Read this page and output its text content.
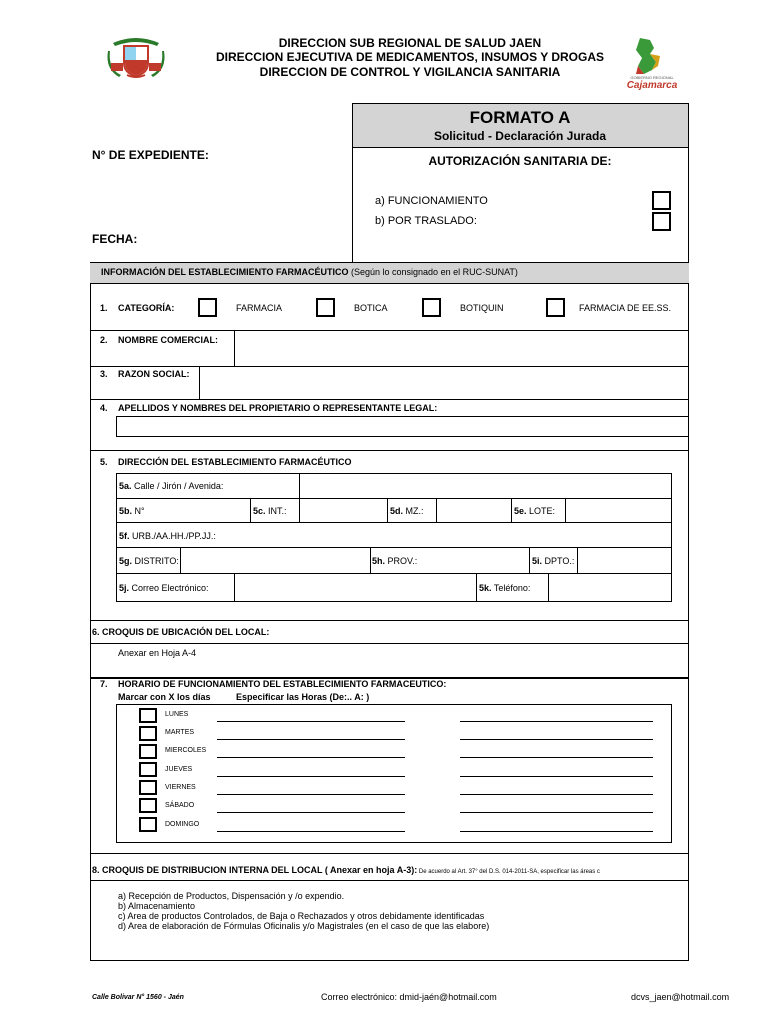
DIRECCION SUB REGIONAL DE SALUD JAEN
DIRECCION EJECUTIVA DE MEDICAMENTOS, INSUMOS Y DROGAS
DIRECCION DE CONTROL Y VIGILANCIA SANITARIA	GOBIERNO REGIONAL
Cajamarca
FORMATO A
Solicitud - Declaración Jurada
N° DE EXPEDIENTE:
FECHA:
AUTORIZACIÓN SANITARIA DE:
a) FUNCIONAMIENTO
b) POR TRASLADO:
INFORMACIÓN DEL ESTABLECIMIENTO FARMACÉUTICO (Según lo consignado en el RUC-SUNAT)
1. CATEGORÍA:	FARMACIA	BOTICA	BOTIQUIN	FARMACIA DE EE.SS.
2. NOMBRE COMERCIAL:
3. RAZON SOCIAL:
4. APELLIDOS Y NOMBRES DEL PROPIETARIO O REPRESENTANTE LEGAL:
5. DIRECCIÓN DEL ESTABLECIMIENTO FARMACÉUTICO
5a. Calle / Jirón / Avenida:
5b. N°	5c. INT.:	5d. MZ.:	5e. LOTE:
5f. URB./AA.HH./PP.JJ.:
5g. DISTRITO:	5h. PROV.:	5i. DPTO.:
5j. Correo Electrónico:	5k. Teléfono:
6. CROQUIS DE UBICACIÓN DEL LOCAL:
Anexar en Hoja A-4
7. HORARIO DE FUNCIONAMIENTO DEL ESTABLECIMIENTO FARMACEUTICO:
Marcar con X los días	Especificar las Horas (De:.. A: )
LUNES
MARTES
MIERCOLES
JUEVES
VIERNES
SÁBADO
DOMINGO
8. CROQUIS DE DISTRIBUCION INTERNA DEL LOCAL ( Anexar en hoja A-3): De acuerdo al Art. 37° del D.S. 014-2011-SA, especificar las áreas c
a) Recepción de Productos, Dispensación y /o expendio.
b) Almacenamiento
c) Area de productos Controlados, de Baja o Rechazados y otros debidamente identificadas
d) Area de elaboración de Fórmulas Oficinalis y/o Magistrales (en el caso de que las elabore)
Calle Bolivar N° 1560 - Jaén	Correo electrónico: dmid-jaén@hotmail.com	dcvs_jaen@hotmail.com
